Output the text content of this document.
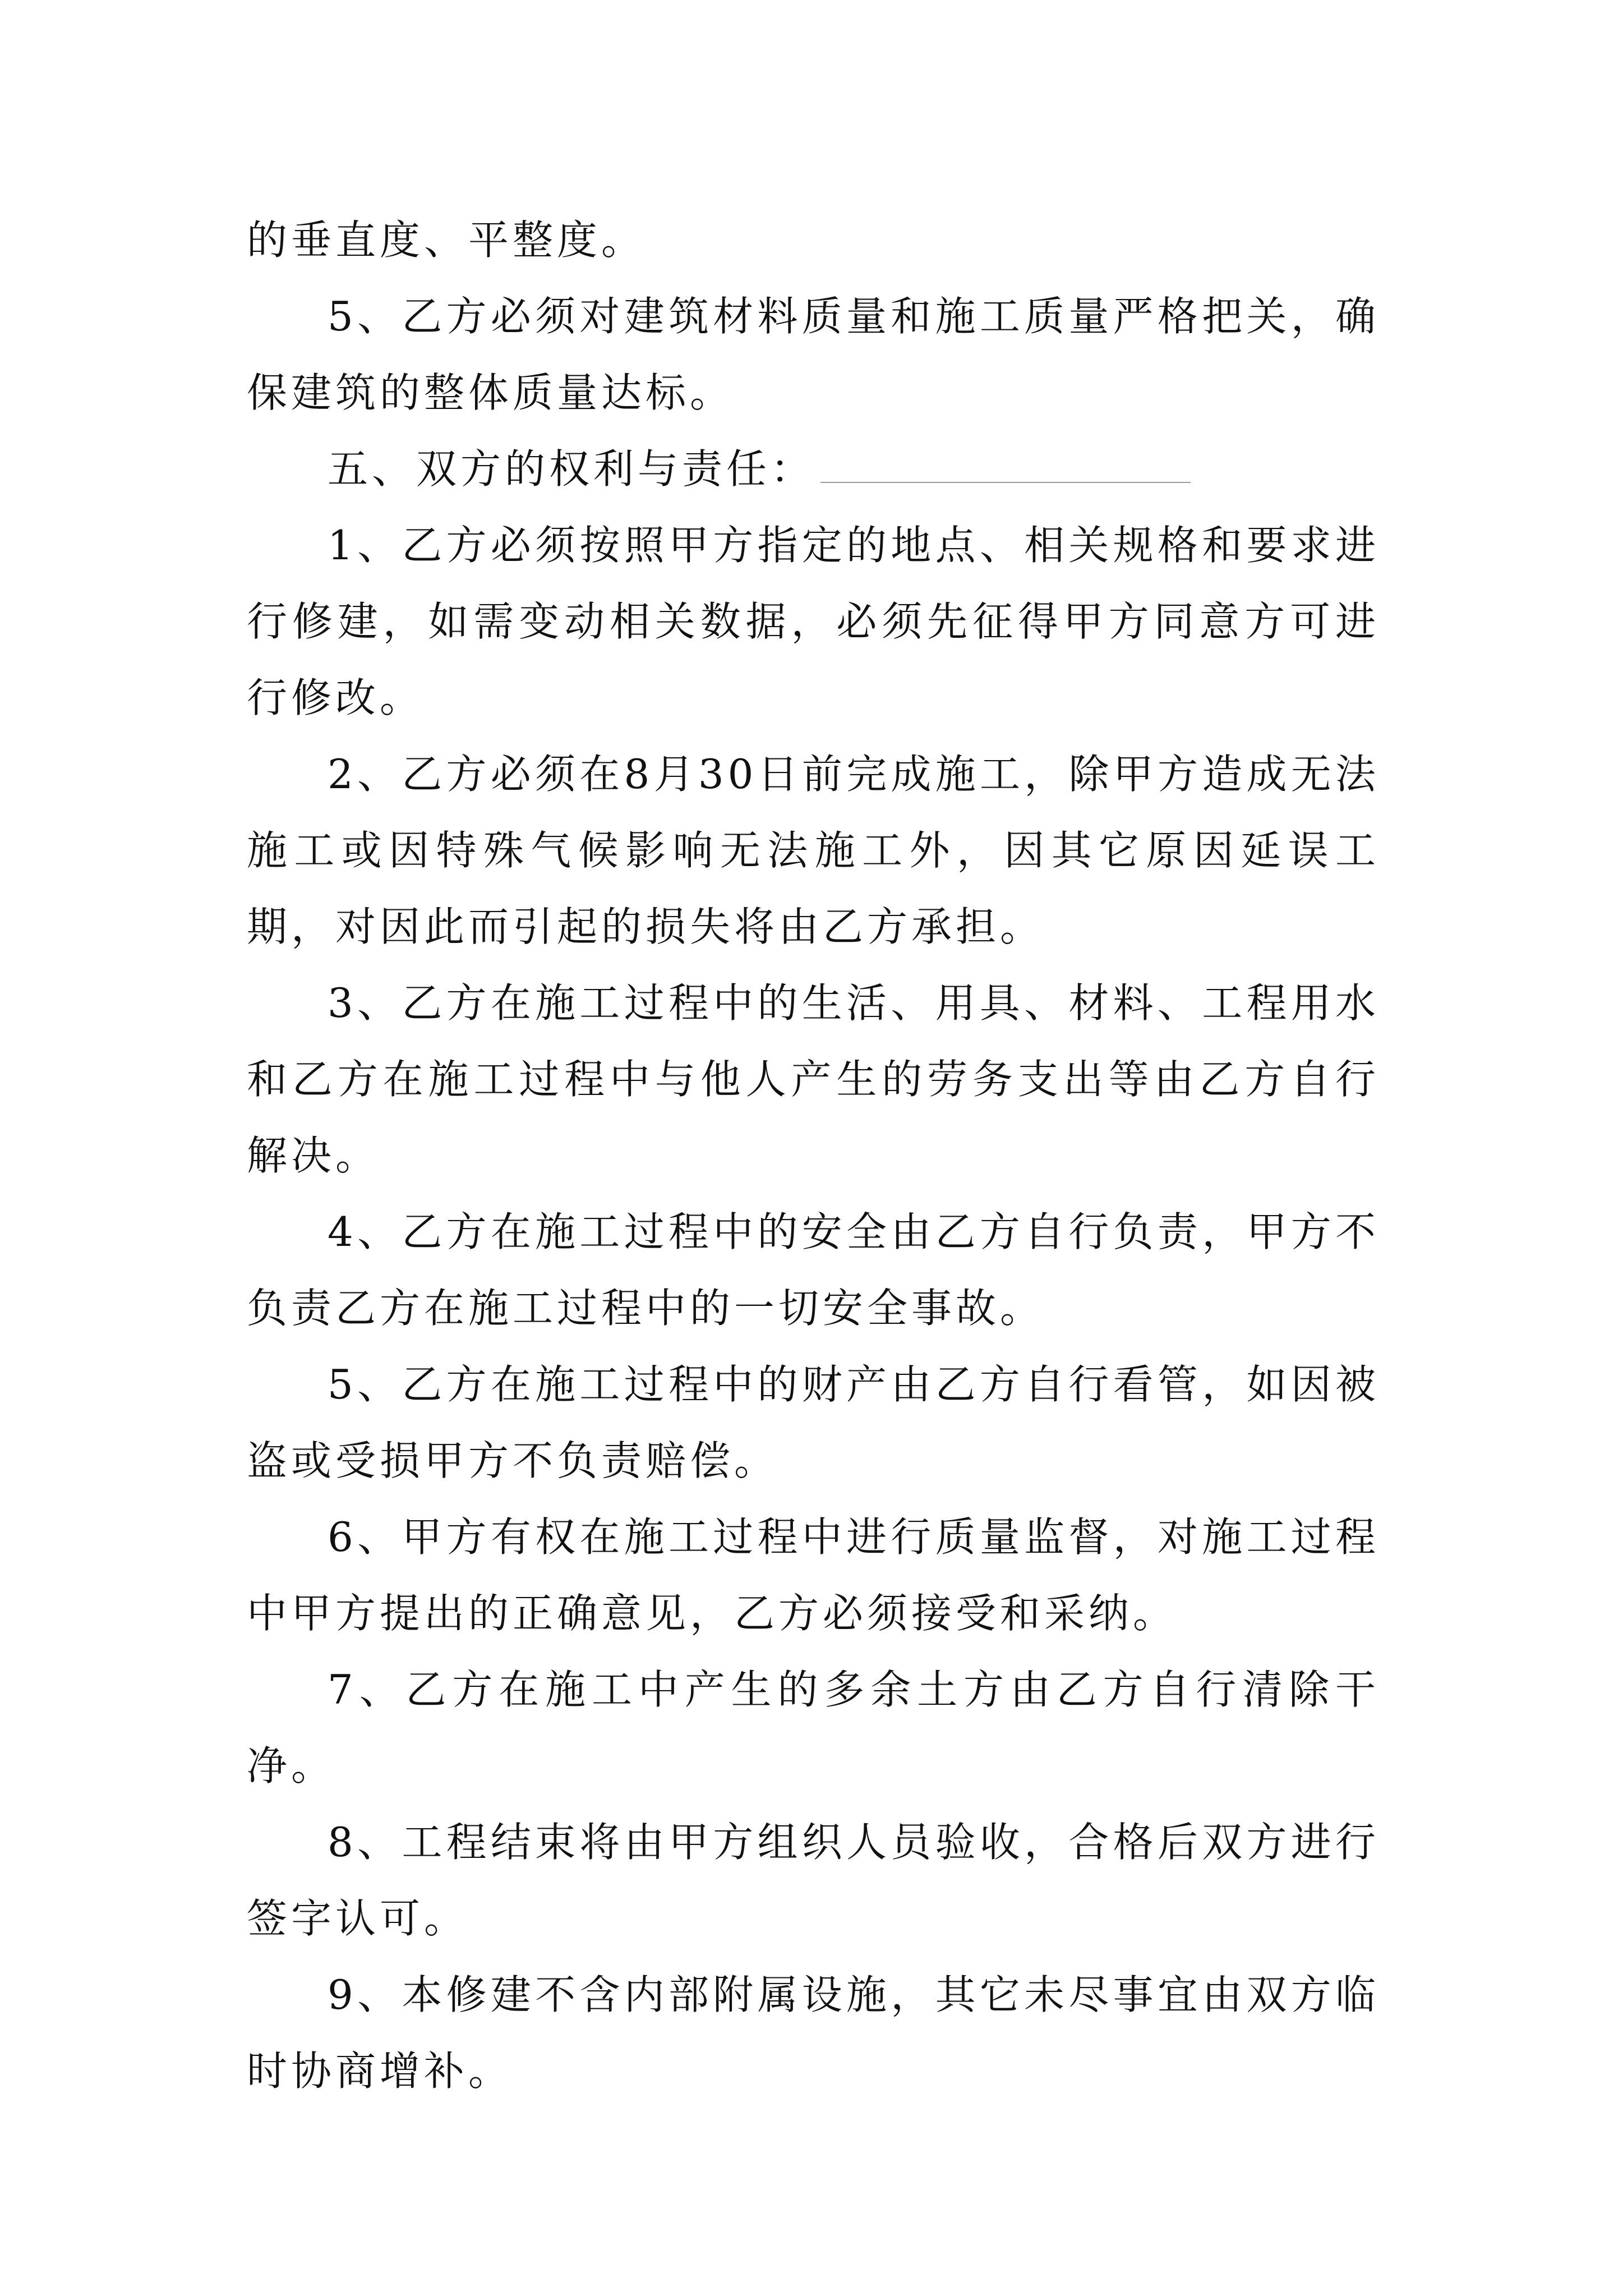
的垂直度、平整度。

5、乙方必须对建筑材料质量和施工质量严格把关，确保建筑的整体质量达标。

五、双方的权利与责任：

1、乙方必须按照甲方指定的地点、相关规格和要求进行修建，如需变动相关数据，必须先征得甲方同意方可进行修改。

2、乙方必须在8月30日前完成施工，除甲方造成无法施工或因特殊气候影响无法施工外，因其它原因延误工期，对因此而引起的损失将由乙方承担。

3、乙方在施工过程中的生活、用具、材料、工程用水和乙方在施工过程中与他人产生的劳务支出等由乙方自行解决。

4、乙方在施工过程中的安全由乙方自行负责，甲方不负责乙方在施工过程中的一切安全事故。

5、乙方在施工过程中的财产由乙方自行看管，如因被盗或受损甲方不负责赔偿。

6、甲方有权在施工过程中进行质量监督，对施工过程中甲方提出的正确意见，乙方必须接受和采纳。

7、乙方在施工中产生的多余土方由乙方自行清除干净。

8、工程结束将由甲方组织人员验收，合格后双方进行签字认可。

9、本修建不含内部附属设施，其它未尽事宜由双方临时协商增补。
